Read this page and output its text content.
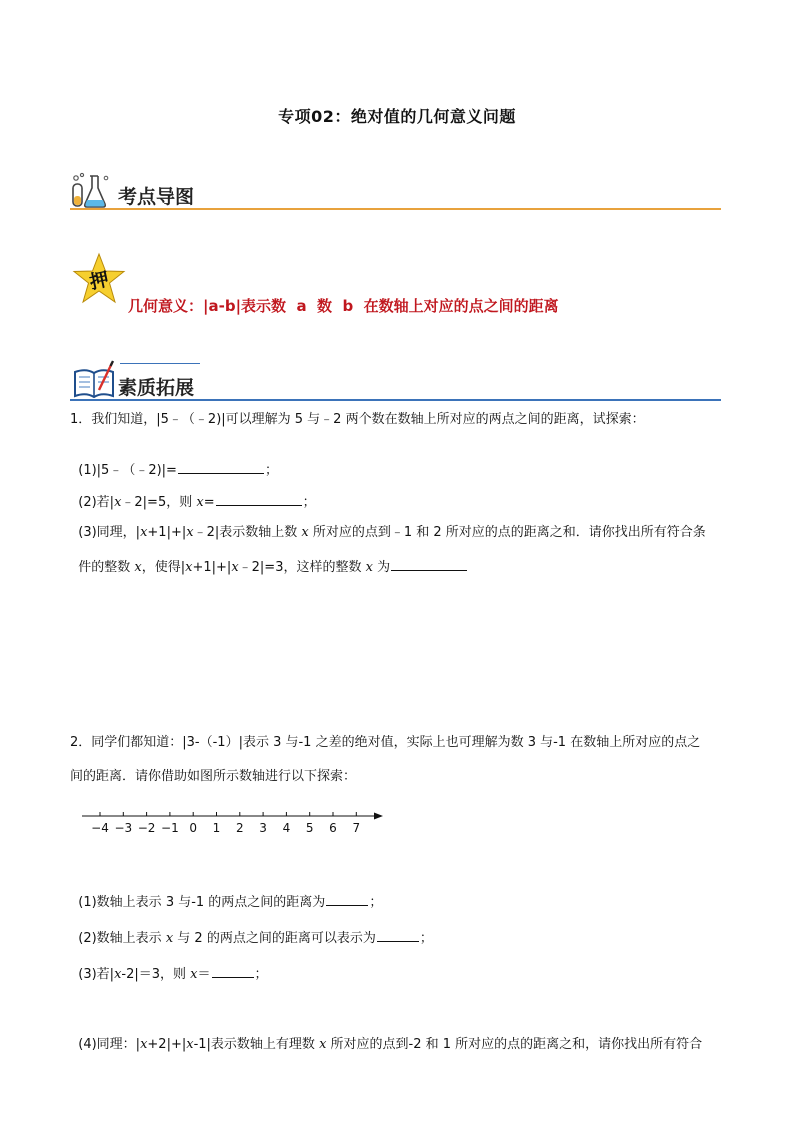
专项02：绝对值的几何意义问题
考点导图
押
几何意义：|a-b|表示数  a  数  b  在数轴上对应的点之间的距离
素质拓展
1．我们知道，|5﹣（﹣2)|可以理解为 5 与﹣2 两个数在数轴上所对应的两点之间的距离，试探索：

(1)|5﹣（﹣2)|=	；

(2)若|x﹣2|=5，则 x=	；

(3)同理，|x+1|+|x﹣2|表示数轴上数 x 所对应的点到﹣1 和 2 所对应的点的距离之和．请你找出所有符合条

件的整数 x，使得|x+1|+|x﹣2|=3，这样的整数 x 为

2．同学们都知道：|3-（-1）|表示 3 与-1 之差的绝对值，实际上也可理解为数 3 与-1 在数轴上所对应的点之
间的距离．请你借助如图所示数轴进行以下探索：
−4 −3 −2 −1 0 1 2 3 4 5 6 7

(1)数轴上表示 3 与-1 的两点之间的距离为	；

(2)数轴上表示 x 与 2 的两点之间的距离可以表示为	；

(3)若|x-2|＝3，则 x＝	；

(4)同理：|x+2|+|x-1|表示数轴上有理数 x 所对应的点到-2 和 1 所对应的点的距离之和，请你找出所有符合
